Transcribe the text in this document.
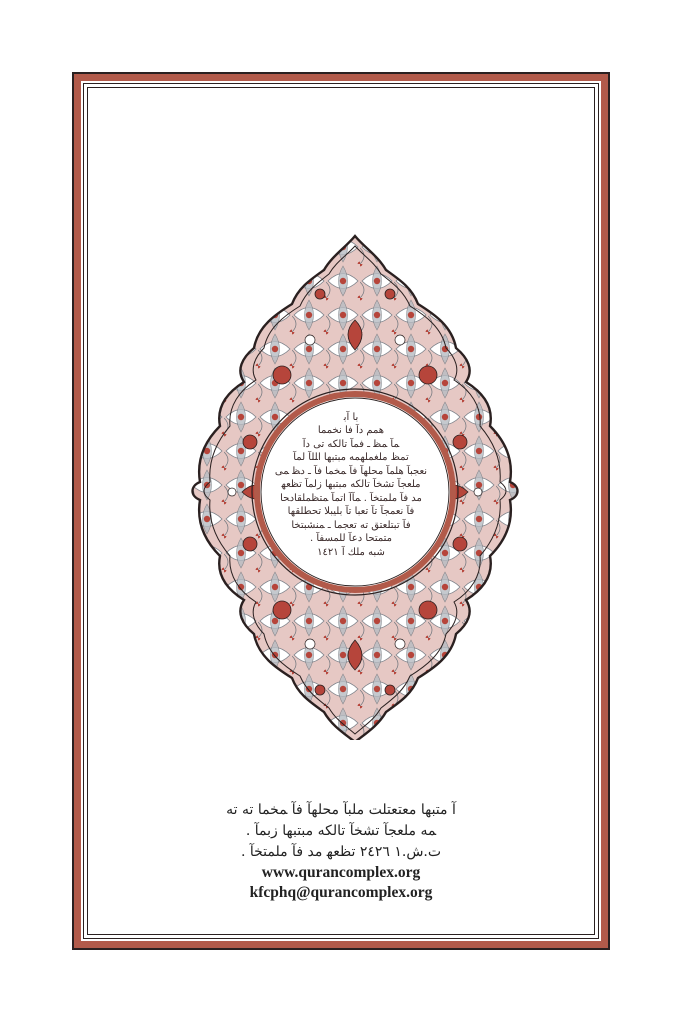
ﺑﺎ ﺁﺑ
ﻫﻤﻢ ﺩﺁ ﻓﺎ ﻧﺨﻤﻤﺎ
ﻤﺂ ﻤﻈ ـ ﻓﻤﺂ ﺗﺎﻟﻜﻪ ﺗﻰ ﺩﺁ
ﺗﻤﻆ ﻣﻠﻐﻤﻠﻬﻤﻪ ﻣﺒﺘﺒﻬﺎ ﺍﻠﻠﺂ ﻟﻤﺂ
ﻧﻌﺠﺒﺂ ﻫﻠﻤﺂ ﻣﺤﻠﻬﺂ ﻓﺂ ﻤﺨﻤﺎ ﻓﺂ ـ ﺩﻈ ﻤﻰ
ﻣﻠﻌﺠﺂ ﺗﺸﺨﺂ ﺗﺎﻟﻜﻪ ﻣﺒﺘﺒﻬﺎ ﺯﻟﻤﺂ ﺗﻈﻌﻬ
ﻣﺪ ﻓﺂ ﻣﻠﻤﺘﺨﺂ . ﻤﺂﺁ ﺍﺗﻤﺂ ﻤﺘﻈﻤﻠﻘﺎﺩﺤﺎ
ﻓﺂ ﻧﻌﻤﺠﺂ ﺗﺂ ﺗﻌﺒﺎ ﺗﺂ ﺑﻠﻴﺒﻠﺎ ﺗﺤﻄﻠﻘﻬﺎ
ﻓﺂ ﺗﺒﺘﻠﻌﺘﻖ ﺗﻪ ﺗﻌﺠﻤﺎ ـ ﻤﻨﺸﺒﺘﺨﺎ
ﻣﺘﻤﺘﺤﺎ ﺩﻋﺂ ﻟﻠﻤﺴﻔﺂ .
ﺷﺒﻪ ﻣﻠﻚ ﺁ ١٤٢١
ﺁ ﻣﺘﺒﻬﺎ ﻣﻌﺘﻌﺘﻠﺖ ﻣﻠﺒﺂ ﻣﺤﻠﻬﺂ ﻓﺂ ﻤﺨﻤﺎ ﺗﻪ ﺗﻪ
ﻤﻪ ﻣﻠﻌﺠﺂ ﺗﺸﺨﺂ ﺗﺎﻟﻜﻪ ﻣﺒﺘﺒﻬﺎ ﺯﺑﻤﺂ .
ﺕ.ﺵ.١ ٢٤٢٦ ﺗﻈﻌﻬ ﻣﺪ ﻓﺂ ﻣﻠﻤﺘﺨﺂ .
www.qurancomplex.org
kfcphq@qurancomplex.org
